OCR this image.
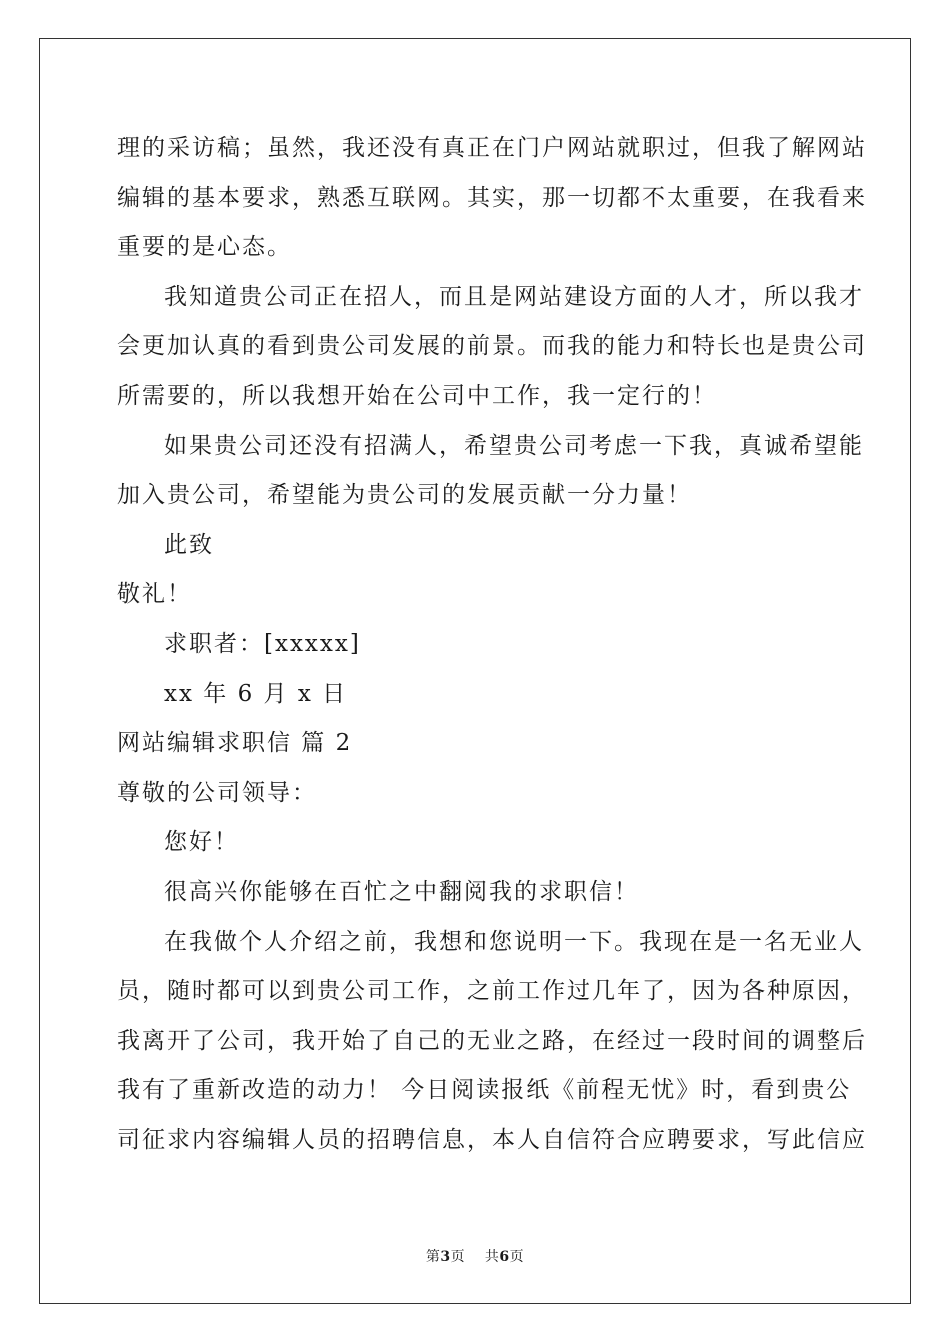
理的采访稿；虽然，我还没有真正在门户网站就职过，但我了解网站
编辑的基本要求，熟悉互联网。其实，那一切都不太重要，在我看来
重要的是心态。
我知道贵公司正在招人，而且是网站建设方面的人才，所以我才
会更加认真的看到贵公司发展的前景。而我的能力和特长也是贵公司
所需要的，所以我想开始在公司中工作，我一定行的！
如果贵公司还没有招满人，希望贵公司考虑一下我，真诚希望能
加入贵公司，希望能为贵公司的发展贡献一分力量！
此致
敬礼！
求职者：[xxxxx]
xx 年 6 月 x 日
网站编辑求职信 篇 2
尊敬的公司领导：
您好！
很高兴你能够在百忙之中翻阅我的求职信！
在我做个人介绍之前，我想和您说明一下。我现在是一名无业人
员，随时都可以到贵公司工作，之前工作过几年了，因为各种原因，
我离开了公司，我开始了自己的无业之路，在经过一段时间的调整后
我有了重新改造的动力！ 今日阅读报纸《前程无忧》时，看到贵公
司征求内容编辑人员的招聘信息，本人自信符合应聘要求，写此信应
第3页 共6页
